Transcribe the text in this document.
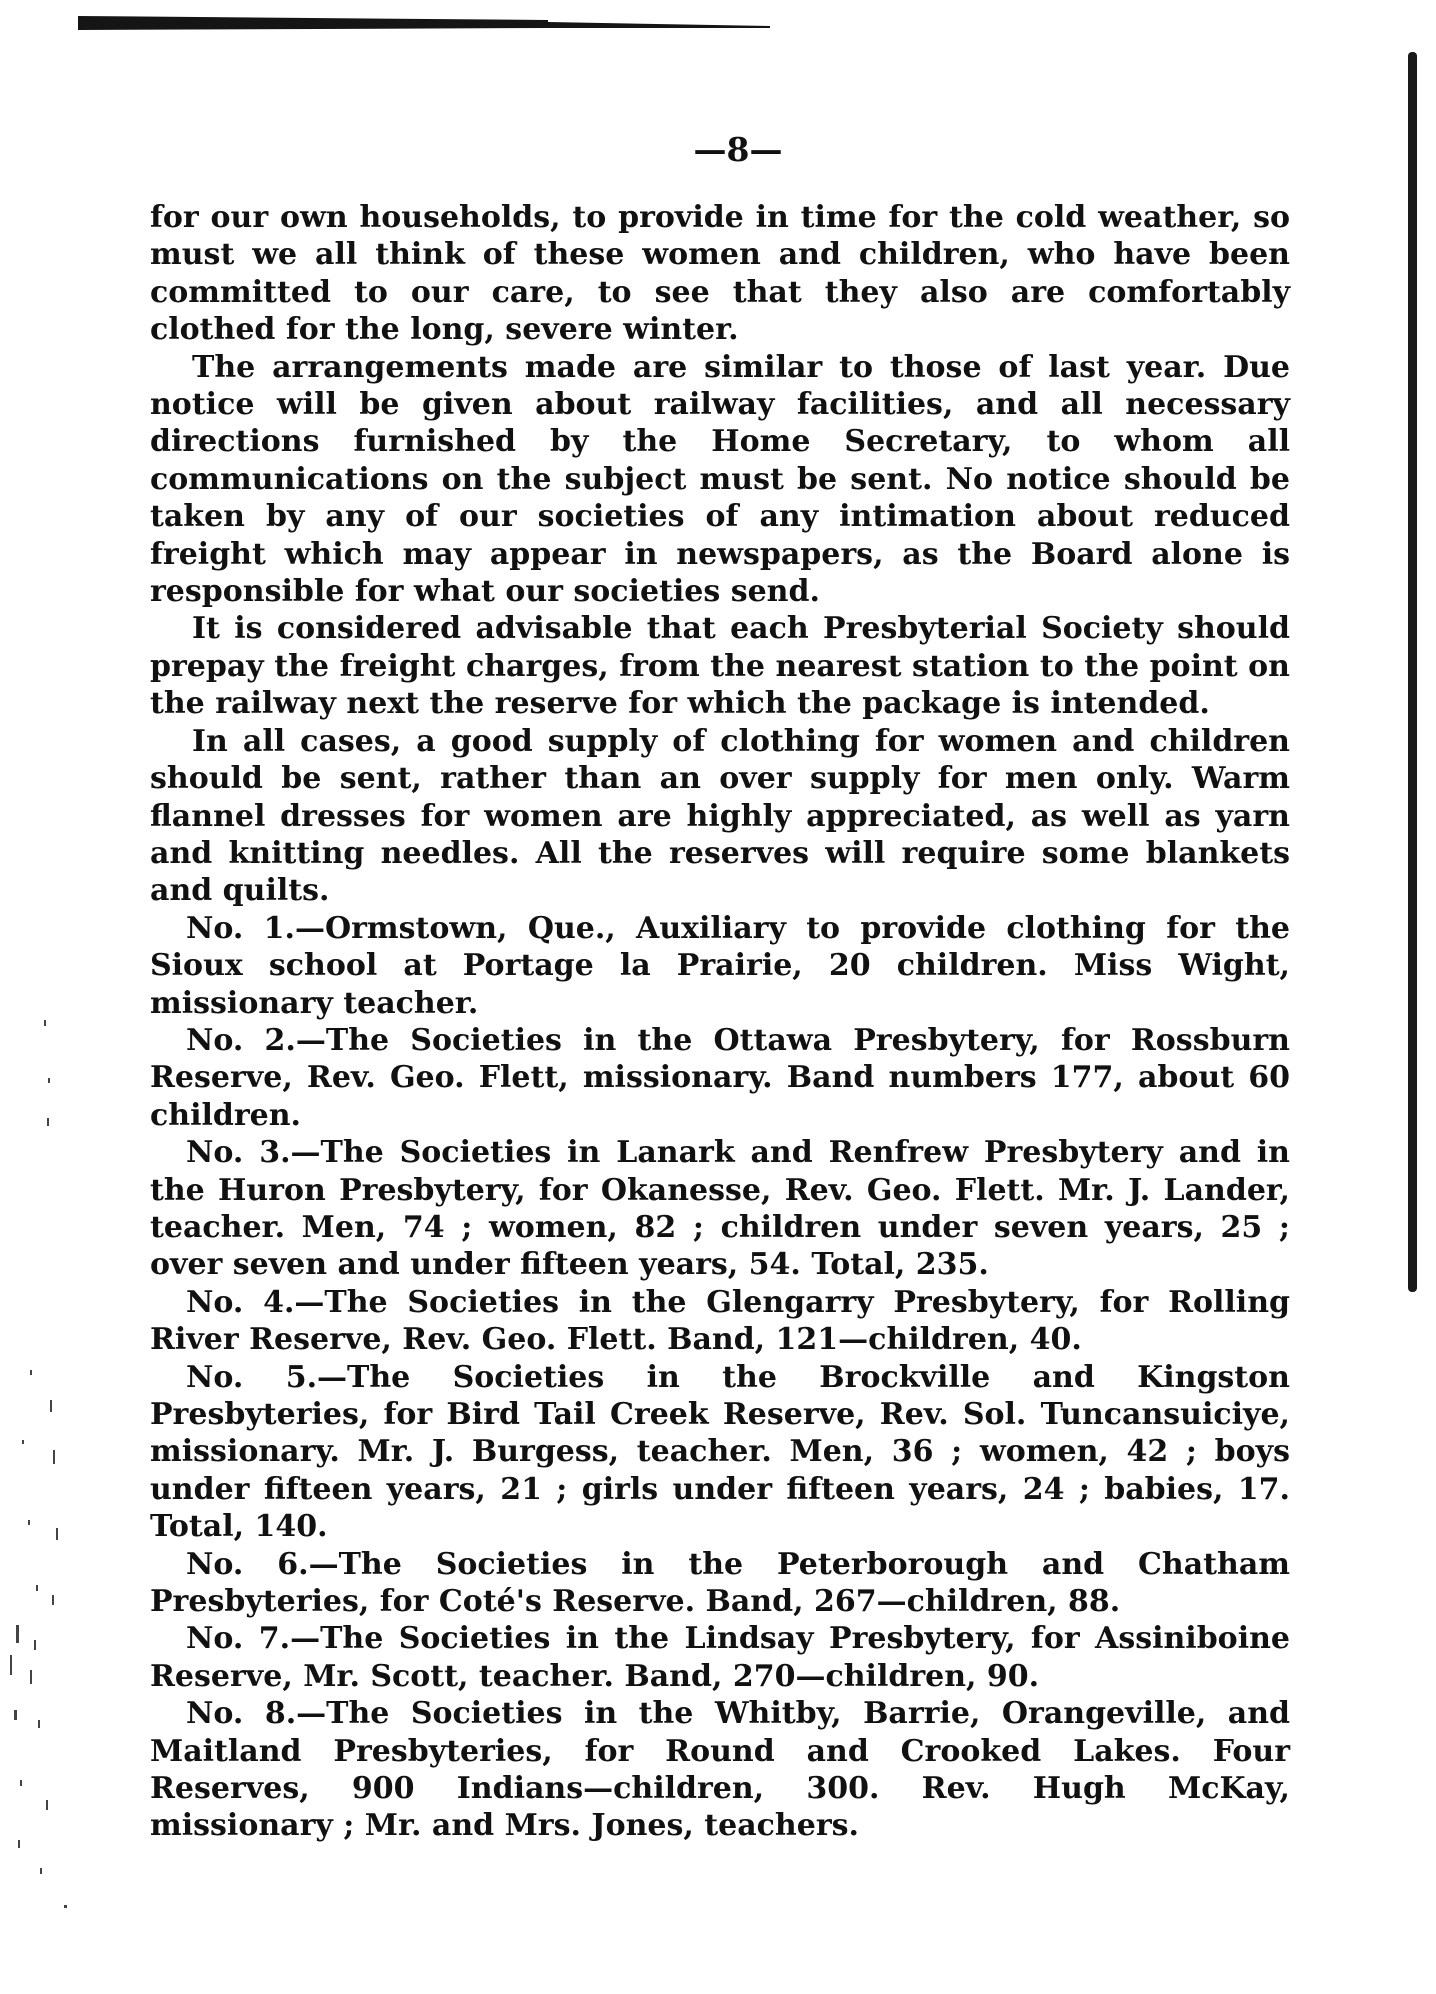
—8—

for our own households, to provide in time for the cold weather, so must we all think of these women and children, who have been committed to our care, to see that they also are comfortably clothed for the long, severe winter.

The arrangements made are similar to those of last year. Due notice will be given about railway facilities, and all necessary directions furnished by the Home Secretary, to whom all communications on the subject must be sent. No notice should be taken by any of our societies of any intimation about reduced freight which may appear in newspapers, as the Board alone is responsible for what our societies send.

It is considered advisable that each Presbyterial Society should prepay the freight charges, from the nearest station to the point on the railway next the reserve for which the package is intended.

In all cases, a good supply of clothing for women and children should be sent, rather than an over supply for men only. Warm flannel dresses for women are highly appreciated, as well as yarn and knitting needles. All the reserves will require some blankets and quilts.

No. 1.—Ormstown, Que., Auxiliary to provide clothing for the Sioux school at Portage la Prairie, 20 children. Miss Wight, missionary teacher.

No. 2.—The Societies in the Ottawa Presbytery, for Rossburn Reserve, Rev. Geo. Flett, missionary. Band numbers 177, about 60 children.

No. 3.—The Societies in Lanark and Renfrew Presbytery and in the Huron Presbytery, for Okanesse, Rev. Geo. Flett. Mr. J. Lander, teacher. Men, 74 ; women, 82 ; children under seven years, 25 ; over seven and under fifteen years, 54. Total, 235.

No. 4.—The Societies in the Glengarry Presbytery, for Rolling River Reserve, Rev. Geo. Flett. Band, 121—children, 40.

No. 5.—The Societies in the Brockville and Kingston Presbyteries, for Bird Tail Creek Reserve, Rev. Sol. Tuncansuiciye, missionary. Mr. J. Burgess, teacher. Men, 36 ; women, 42 ; boys under fifteen years, 21 ; girls under fifteen years, 24 ; babies, 17. Total, 140.

No. 6.—The Societies in the Peterborough and Chatham Presbyteries, for Coté's Reserve. Band, 267—children, 88.

No. 7.—The Societies in the Lindsay Presbytery, for Assiniboine Reserve, Mr. Scott, teacher. Band, 270—children, 90.

No. 8.—The Societies in the Whitby, Barrie, Orangeville, and Maitland Presbyteries, for Round and Crooked Lakes. Four Reserves, 900 Indians—children, 300. Rev. Hugh McKay, missionary ; Mr. and Mrs. Jones, teachers.
